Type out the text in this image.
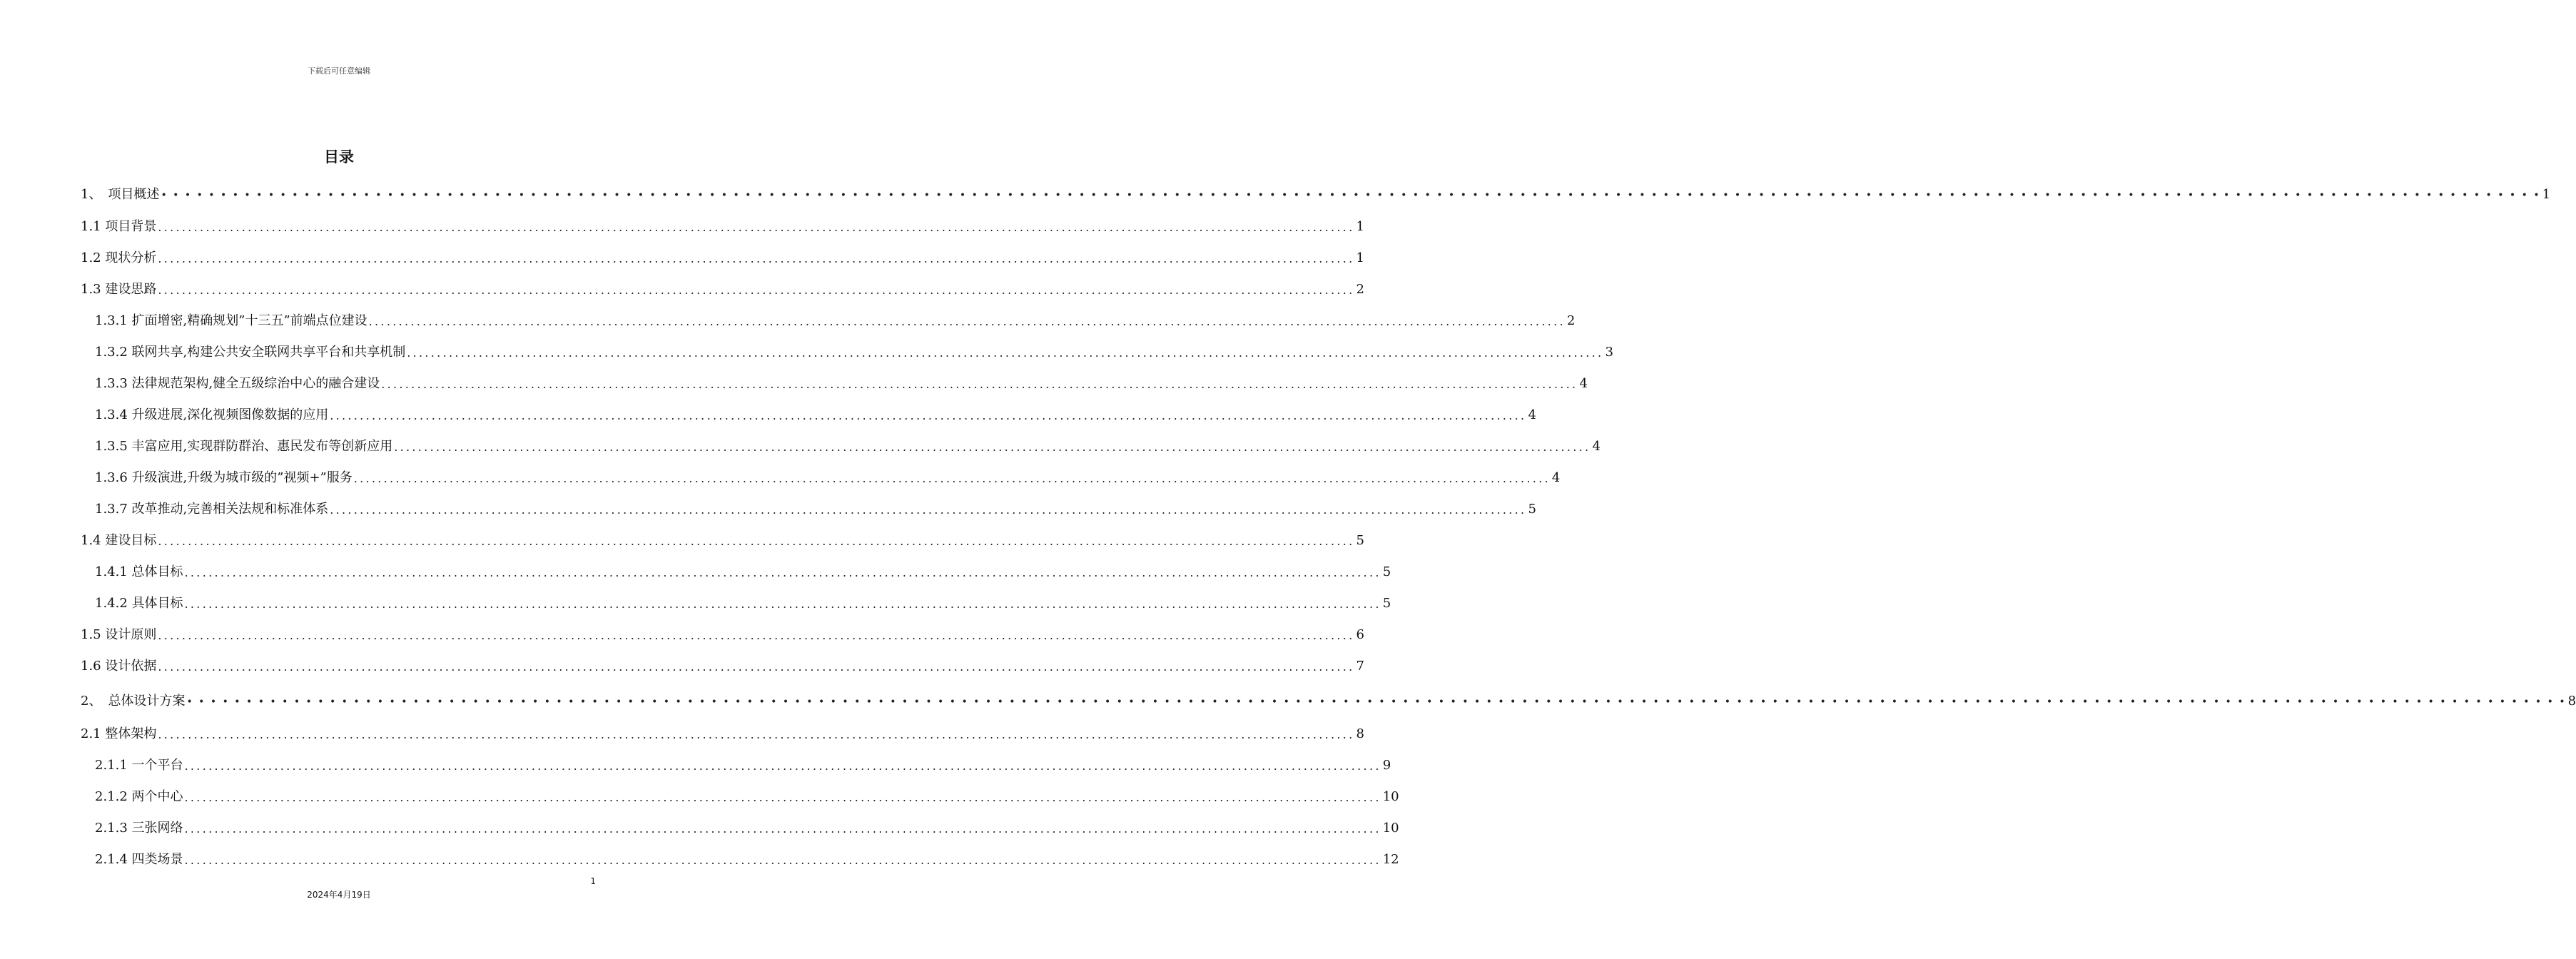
下载后可任意编辑
目录
1、　项目概述 • • • • • • • • • • • • • • • • • • • • • • • • • • • • • • • • • • • • • • • • • • • • • • • • • • • • • • • • • • • • • • • • • • • • • • • • • • • • • • • • • • • • • • • • • • • • • • • • • • • • • • • • • • • • • • • • • • • • • • • • • • • • • • • • • • • • • • • • • • • • • • • • • • • • • • • • • • • • • • • • • • • • • • • • • • • • • • • • • • • • • • • • • • • • • • • • • • • • • • • • 1
1.1 项目背景 ........................................................................................................................................................................................................ 1
1.2 现状分析 ........................................................................................................................................................................................................ 1
1.3 建设思路 ........................................................................................................................................................................................................ 2
1.3.1 扩面增密,精确规划”十三五”前端点位建设 ........................................................................................................................................................................................................ 2
1.3.2 联网共享,构建公共安全联网共享平台和共享机制 ........................................................................................................................................................................................................ 3
1.3.3 法律规范架构,健全五级综治中心的融合建设 ........................................................................................................................................................................................................ 4
1.3.4 升级进展,深化视频图像数据的应用 ........................................................................................................................................................................................................ 4
1.3.5 丰富应用,实现群防群治、惠民发布等创新应用 ........................................................................................................................................................................................................ 4
1.3.6 升级演进,升级为城市级的”视频+”服务 ........................................................................................................................................................................................................ 4
1.3.7 改革推动,完善相关法规和标准体系 ........................................................................................................................................................................................................ 5
1.4 建设目标 ........................................................................................................................................................................................................ 5
1.4.1 总体目标 ........................................................................................................................................................................................................ 5
1.4.2 具体目标 ........................................................................................................................................................................................................ 5
1.5 设计原则 ........................................................................................................................................................................................................ 6
1.6 设计依据 ........................................................................................................................................................................................................ 7
2、　总体设计方案 • • • • • • • • • • • • • • • • • • • • • • • • • • • • • • • • • • • • • • • • • • • • • • • • • • • • • • • • • • • • • • • • • • • • • • • • • • • • • • • • • • • • • • • • • • • • • • • • • • • • • • • • • • • • • • • • • • • • • • • • • • • • • • • • • • • • • • • • • • • • • • • • • • • • • • • • • • • • • • • • • • • • • • • • • • • • • • • • • • • • • • • • • • • • • • • • • • • • • • • • 8
2.1 整体架构 ........................................................................................................................................................................................................ 8
2.1.1 一个平台 ........................................................................................................................................................................................................ 9
2.1.2 两个中心 ........................................................................................................................................................................................................ 10
2.1.3 三张网络 ........................................................................................................................................................................................................ 10
2.1.4 四类场景 ........................................................................................................................................................................................................ 12
1
2024年4月19日
